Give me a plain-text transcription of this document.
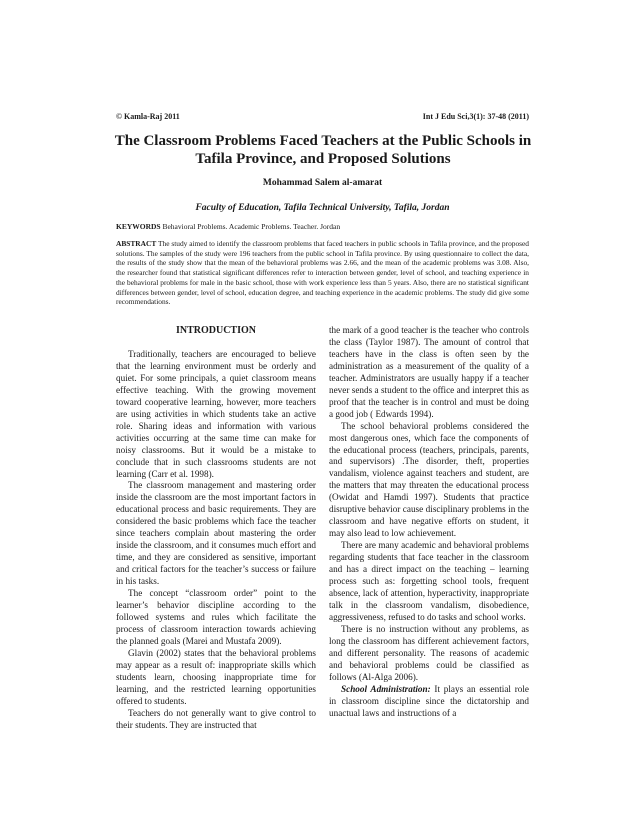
© Kamla-Raj 2011	Int J Edu Sci,3(1): 37-48 (2011)
The Classroom Problems Faced Teachers at the Public Schools in Tafila Province, and Proposed Solutions

Mohammad Salem al-amarat

Faculty of Education, Tafila Technical University, Tafila, Jordan

KEYWORDS Behavioral Problems. Academic Problems. Teacher. Jordan

ABSTRACT The study aimed to identify the classroom problems that faced teachers in public schools in Tafila province, and the proposed solutions. The samples of the study were 196 teachers from the public school in Tafila province. By using questionnaire to collect the data, the results of the study show that the mean of the behavioral problems was 2.66, and the mean of the academic problems was 3.08. Also, the researcher found that statistical significant differences refer to interaction between gender, level of school, and teaching experience in the behavioral problems for male in the basic school, those with work experience less than 5 years. Also, there are no statistical significant differences between gender, level of school, education degree, and teaching experience in the academic problems. The study did give some recommendations.

INTRODUCTION

Traditionally, teachers are encouraged to believe that the learning environment must be orderly and quiet. For some principals, a quiet classroom means effective teaching. With the growing movement toward cooperative learning, however, more teachers are using activities in which students take an active role. Sharing ideas and information with various activities occurring at the same time can make for noisy classrooms. But it would be a mistake to conclude that in such classrooms students are not learning (Carr et al. 1998).

The classroom management and mastering order inside the classroom are the most important factors in educational process and basic requirements. They are considered the basic problems which face the teacher since teachers complain about mastering the order inside the classroom, and it consumes much effort and time, and they are considered as sensitive, important and critical factors for the teacher’s success or failure in his tasks.

The concept “classroom order” point to the learner’s behavior discipline according to the followed systems and rules which facilitate the process of classroom interaction towards achieving the planned goals (Marei and Mustafa 2009).

Glavin (2002) states that the behavioral problems may appear as a result of: inappropriate skills which students learn, choosing inappropriate time for learning, and the restricted learning opportunities offered to students.

Teachers do not generally want to give control to their students. They are instructed that

the mark of a good teacher is the teacher who controls the class (Taylor 1987). The amount of control that teachers have in the class is often seen by the administration as a measurement of the quality of a teacher. Administrators are usually happy if a teacher never sends a student to the office and interpret this as proof that the teacher is in control and must be doing a good job ( Edwards 1994).

The school behavioral problems considered the most dangerous ones, which face the components of the educational process (teachers, principals, parents, and supervisors) .The disorder, theft, properties vandalism, violence against teachers and student, are the matters that may threaten the educational process (Owidat and Hamdi 1997). Students that practice disruptive behavior cause disciplinary problems in the classroom and have negative efforts on student, it may also lead to low achievement.

There are many academic and behavioral problems regarding students that face teacher in the classroom and has a direct impact on the teaching – learning process such as: forgetting school tools, frequent absence, lack of attention, hyperactivity, inappropriate talk in the classroom vandalism, disobedience, aggressiveness, refused to do tasks and school works.

There is no instruction without any problems, as long the classroom has different achievement factors, and different personality. The reasons of academic and behavioral problems could be classified as follows (Al-Alga 2006).

School Administration: It plays an essential role in classroom discipline since the dictatorship and unactual laws and instructions of a
